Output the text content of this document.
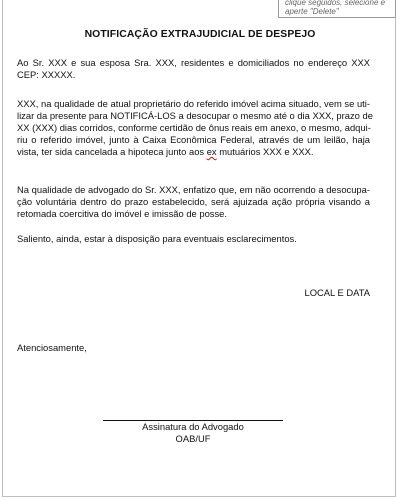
clique seguidos, selecione e
aperte "Delete"
NOTIFICAÇÃO EXTRAJUDICIAL DE DESPEJO
Ao Sr. XXX e sua esposa Sra. XXX, residentes e domiciliados no endereço XXX
CEP: XXXXX.
XXX, na qualidade de atual proprietário do referido imóvel acima situado, vem se uti-
lizar da presente para NOTIFICÁ-LOS a desocupar o mesmo até o dia XXX, prazo de
XX (XXX) dias corridos, conforme certidão de ônus reais em anexo, o mesmo, adqui-
riu o referido imóvel, junto à Caixa Econômica Federal, através de um leilão, haja
vista, ter sida cancelada a hipoteca junto aos ex mutuários XXX e XXX.
Na qualidade de advogado do Sr. XXX, enfatizo que, em não ocorrendo a desocupa-
ção voluntária dentro do prazo estabelecido, será ajuizada ação própria visando a
retomada coercitiva do imóvel e imissão de posse.
Saliento, ainda, estar à disposição para eventuais esclarecimentos.
LOCAL E DATA
Atenciosamente,
Assinatura do Advogado
OAB/UF
